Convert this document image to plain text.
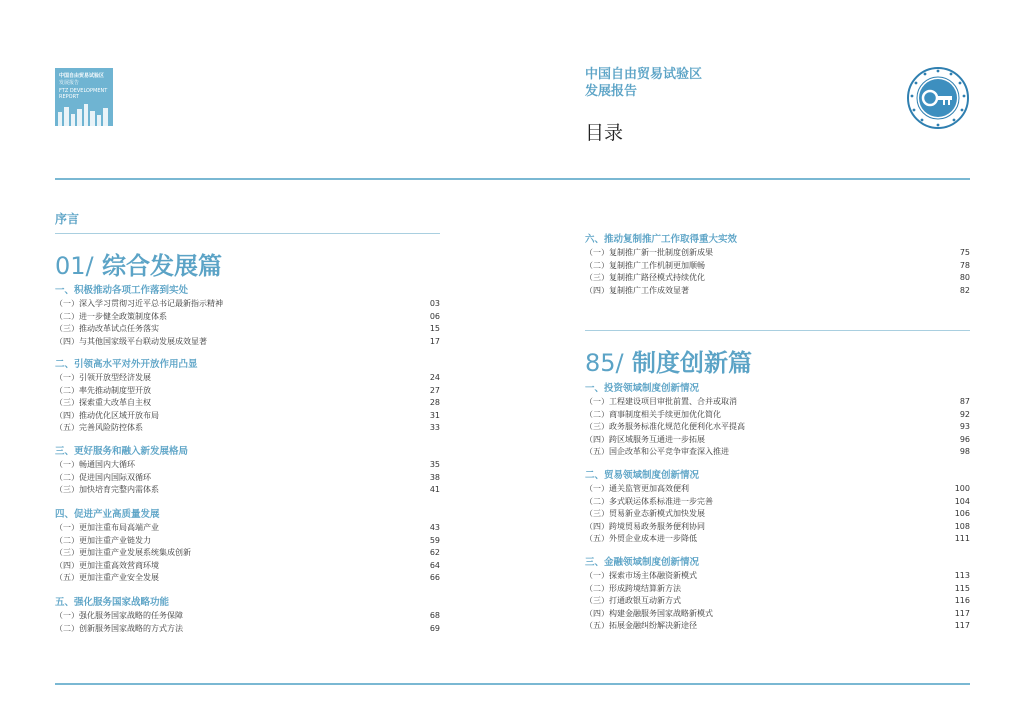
中国自由贸易试验区
发展报告
FTZ DEVELOPMENT REPORT
中国自由贸易试验区
发展报告
目录
序言
01/ 综合发展篇
一、积极推动各项工作落到实处
（一）深入学习贯彻习近平总书记最新指示精神	03
（二）进一步健全政策制度体系	06
（三）推动改革试点任务落实	15
（四）与其他国家级平台联动发展成效显著	17
二、引领高水平对外开放作用凸显
（一）引领开放型经济发展	24
（二）率先推动制度型开放	27
（三）探索重大改革自主权	28
（四）推动优化区域开放布局	31
（五）完善风险防控体系	33
三、更好服务和融入新发展格局
（一）畅通国内大循环	35
（二）促进国内国际双循环	38
（三）加快培育完整内需体系	41
四、促进产业高质量发展
（一）更加注重布局高端产业	43
（二）更加注重产业链发力	59
（三）更加注重产业发展系统集成创新	62
（四）更加注重高效营商环境	64
（五）更加注重产业安全发展	66
五、强化服务国家战略功能
（一）强化服务国家战略的任务保障	68
（二）创新服务国家战略的方式方法	69
六、推动复制推广工作取得重大实效
（一）复制推广新一批制度创新成果	75
（二）复制推广工作机制更加顺畅	78
（三）复制推广路径模式持续优化	80
（四）复制推广工作成效显著	82
85/ 制度创新篇
一、投资领域制度创新情况
（一）工程建设项目审批前置、合并或取消	87
（二）商事制度相关手续更加优化简化	92
（三）政务服务标准化规范化便利化水平提高	93
（四）跨区域服务互通进一步拓展	96
（五）国企改革和公平竞争审查深入推进	98
二、贸易领域制度创新情况
（一）通关监管更加高效便利	100
（二）多式联运体系标准进一步完善	104
（三）贸易新业态新模式加快发展	106
（四）跨境贸易政务服务便利协同	108
（五）外贸企业成本进一步降低	111
三、金融领域制度创新情况
（一）探索市场主体融资新模式	113
（二）形成跨境结算新方法	115
（三）打通政银互动新方式	116
（四）构建金融服务国家战略新模式	117
（五）拓展金融纠纷解决新途径	117
